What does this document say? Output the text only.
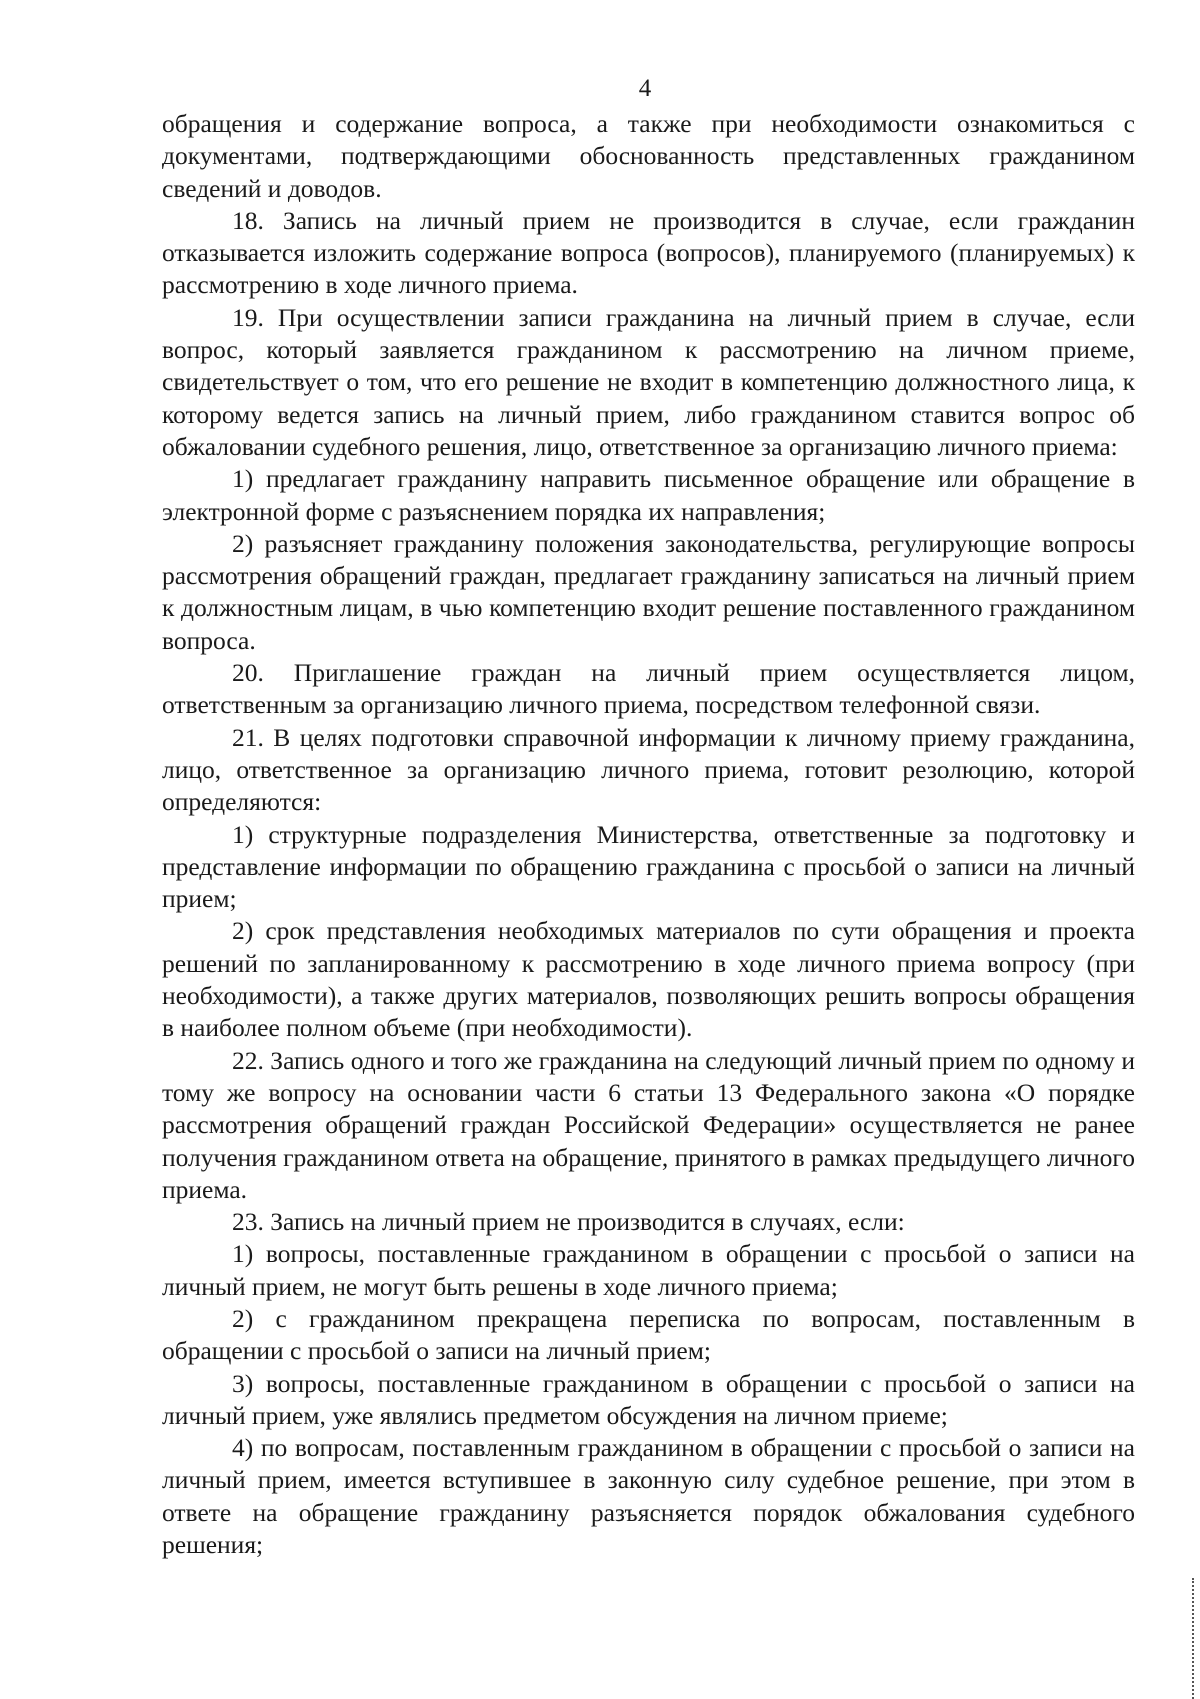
4

обращения и содержание вопроса, а также при необходимости ознакомиться с документами, подтверждающими обоснованность представленных гражданином сведений и доводов.

18. Запись на личный прием не производится в случае, если гражданин отказывается изложить содержание вопроса (вопросов), планируемого (планируемых) к рассмотрению в ходе личного приема.

19. При осуществлении записи гражданина на личный прием в случае, если вопрос, который заявляется гражданином к рассмотрению на личном приеме, свидетельствует о том, что его решение не входит в компетенцию должностного лица, к которому ведется запись на личный прием, либо гражданином ставится вопрос об обжаловании судебного решения, лицо, ответственное за организацию личного приема:

1) предлагает гражданину направить письменное обращение или обращение в электронной форме с разъяснением порядка их направления;

2) разъясняет гражданину положения законодательства, регулирующие вопросы рассмотрения обращений граждан, предлагает гражданину записаться на личный прием к должностным лицам, в чью компетенцию входит решение поставленного гражданином вопроса.

20. Приглашение граждан на личный прием осуществляется лицом, ответственным за организацию личного приема, посредством телефонной связи.

21. В целях подготовки справочной информации к личному приему гражданина, лицо, ответственное за организацию личного приема, готовит резолюцию, которой определяются:

1) структурные подразделения Министерства, ответственные за подготовку и представление информации по обращению гражданина с просьбой о записи на личный прием;

2) срок представления необходимых материалов по сути обращения и проекта решений по запланированному к рассмотрению в ходе личного приема вопросу (при необходимости), а также других материалов, позволяющих решить вопросы обращения в наиболее полном объеме (при необходимости).

22. Запись одного и того же гражданина на следующий личный прием по одному и тому же вопросу на основании части 6 статьи 13 Федерального закона «О порядке рассмотрения обращений граждан Российской Федерации» осуществляется не ранее получения гражданином ответа на обращение, принятого в рамках предыдущего личного приема.

23. Запись на личный прием не производится в случаях, если:

1) вопросы, поставленные гражданином в обращении с просьбой о записи на личный прием, не могут быть решены в ходе личного приема;

2) с гражданином прекращена переписка по вопросам, поставленным в обращении с просьбой о записи на личный прием;

3) вопросы, поставленные гражданином в обращении с просьбой о записи на личный прием, уже являлись предметом обсуждения на личном приеме;

4) по вопросам, поставленным гражданином в обращении с просьбой о записи на личный прием, имеется вступившее в законную силу судебное решение, при этом в ответе на обращение гражданину разъясняется порядок обжалования судебного решения;
